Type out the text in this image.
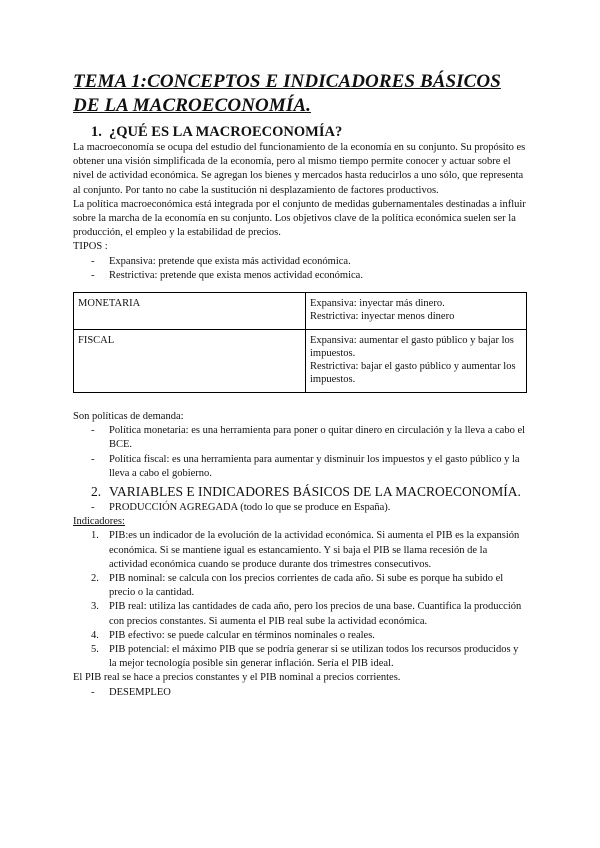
TEMA 1:CONCEPTOS E INDICADORES BÁSICOS
DE LA MACROECONOMÍA.
1. ¿QUÉ ES LA MACROECONOMÍA?

La macroeconomía se ocupa del estudio del funcionamiento de la economía en su conjunto. Su propósito es obtener una visión simplificada de la economía, pero al mismo tiempo permite conocer y actuar sobre el nivel de actividad económica. Se agregan los bienes y mercados hasta reducirlos a uno sólo, que representa al conjunto. Por tanto no cabe la sustitución ni desplazamiento de factores productivos.

La política macroeconómica está integrada por el conjunto de medidas gubernamentales destinadas a influir sobre la marcha de la economía en su conjunto. Los objetivos clave de la política económica suelen ser la producción, el empleo y la estabilidad de precios.

TIPOS :

-	Expansiva: pretende que exista más actividad económica.
-	Restrictiva: pretende que exista menos actividad económica.
MONETARIA	Expansiva: inyectar más dinero.
Restrictiva: inyectar menos dinero

FISCAL	Expansiva: aumentar el gasto público y bajar los impuestos.
Restrictiva: bajar el gasto público y aumentar los impuestos.

Son políticas de demanda:

-	Política monetaria: es una herramienta para poner o quitar dinero en circulación y la lleva a cabo el BCE.
-	Política fiscal: es una herramienta para aumentar y disminuir los impuestos y el gasto público y la lleva a cabo el gobierno.
2. VARIABLES E INDICADORES BÁSICOS DE LA MACROECONOMÍA.
-	PRODUCCIÓN AGREGADA (todo lo que se produce en España).

Indicadores:

1. PIB:es un indicador de la evolución de la actividad económica. Si aumenta el PIB es la expansión económica. Si se mantiene igual es estancamiento. Y si baja el PIB se llama recesión de la actividad económica cuando se produce durante dos trimestres consecutivos.
2. PIB nominal: se calcula con los precios corrientes de cada año. Si sube es porque ha subido el precio o la cantidad.
3. PIB real: utiliza las cantidades de cada año, pero los precios de una base. Cuantifica la producción con precios constantes. Si aumenta el PIB real sube la actividad económica.
4. PIB efectivo: se puede calcular en términos nominales o reales.
5. PIB potencial: el máximo PIB que se podría generar si se utilizan todos los recursos producidos y la mejor tecnología posible sin generar inflación. Sería el PIB ideal.

El PIB real se hace a precios constantes y el PIB nominal a precios corrientes.

-	DESEMPLEO
